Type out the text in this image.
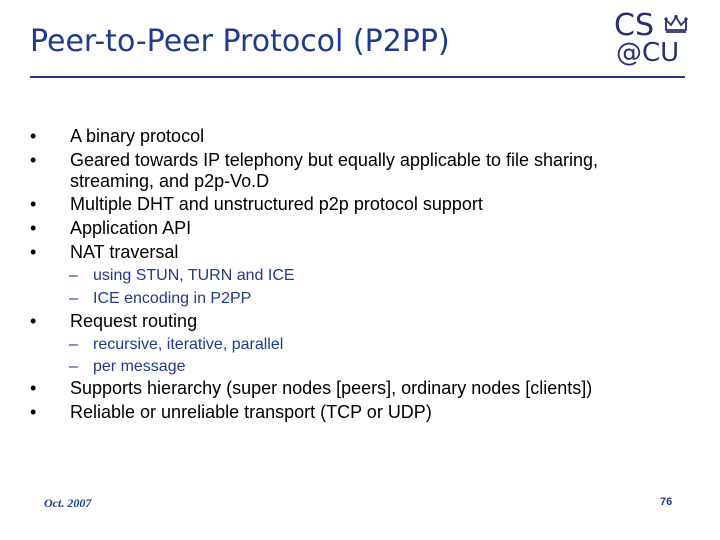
Peer-to-Peer Protocol (P2PP)	CS
@CU
• A binary protocol
• Geared towards IP telephony but equally applicable to file sharing, streaming, and p2p-Vo.D
• Multiple DHT and unstructured p2p protocol support
• Application API
• NAT traversal
– using STUN, TURN and ICE
– ICE encoding in P2PP
• Request routing
– recursive, iterative, parallel
– per message
• Supports hierarchy (super nodes [peers], ordinary nodes [clients])
• Reliable or unreliable transport (TCP or UDP)
Oct. 2007	76
